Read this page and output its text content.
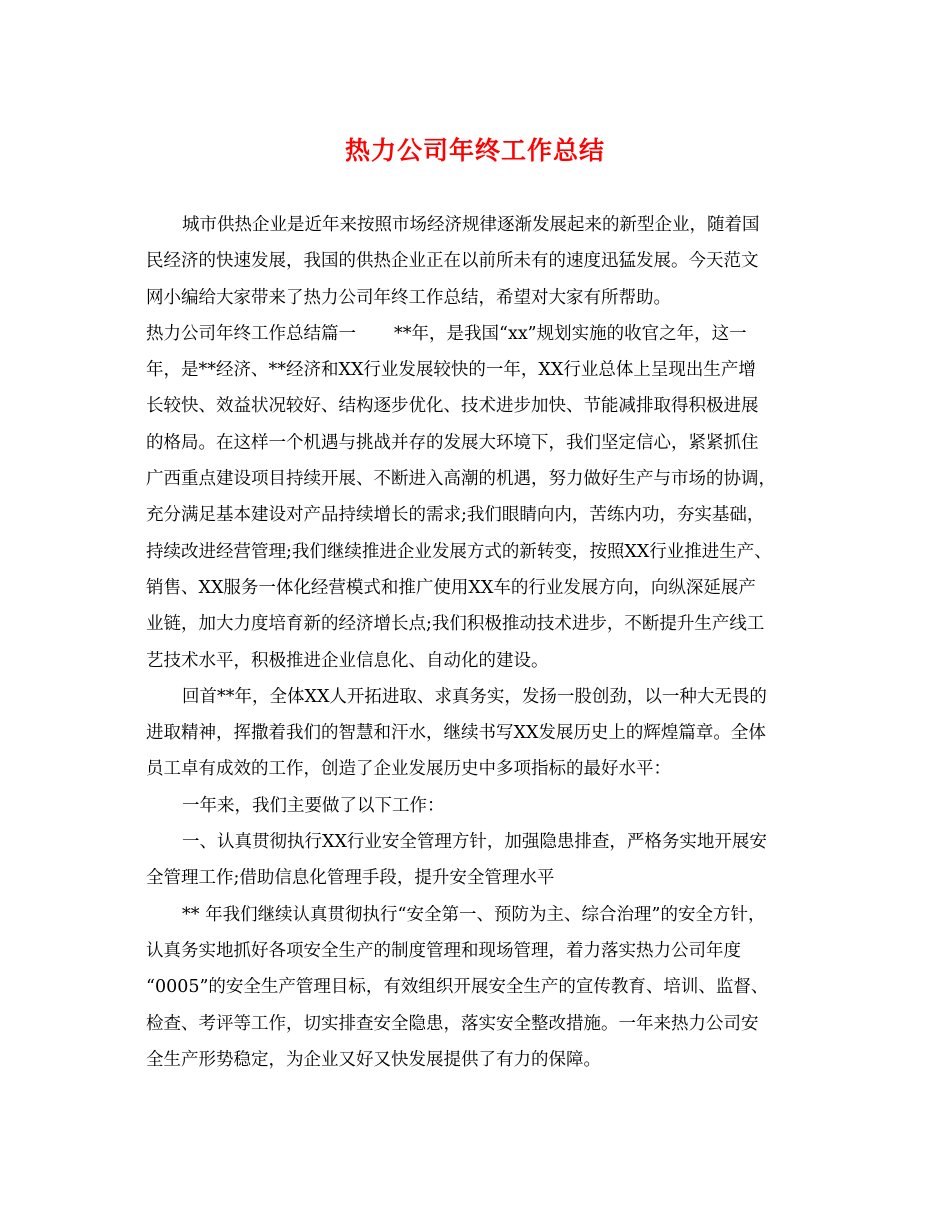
热力公司年终工作总结
城市供热企业是近年来按照市场经济规律逐渐发展起来的新型企业，随着国
民经济的快速发展，我国的供热企业正在以前所未有的速度迅猛发展。今天范文
网小编给大家带来了热力公司年终工作总结，希望对大家有所帮助。
热力公司年终工作总结篇一 **年，是我国“xx”规划实施的收官之年，这一
年，是**经济、**经济和XX行业发展较快的一年，XX行业总体上呈现出生产增
长较快、效益状况较好、结构逐步优化、技术进步加快、节能减排取得积极进展
的格局。在这样一个机遇与挑战并存的发展大环境下，我们坚定信心，紧紧抓住
广西重点建设项目持续开展、不断进入高潮的机遇，努力做好生产与市场的协调，
充分满足基本建设对产品持续增长的需求;我们眼睛向内，苦练内功，夯实基础，
持续改进经营管理;我们继续推进企业发展方式的新转变，按照XX行业推进生产、
销售、XX服务一体化经营模式和推广使用XX车的行业发展方向，向纵深延展产
业链，加大力度培育新的经济增长点;我们积极推动技术进步，不断提升生产线工
艺技术水平，积极推进企业信息化、自动化的建设。
回首**年，全体XX人开拓进取、求真务实，发扬一股创劲，以一种大无畏的
进取精神，挥撒着我们的智慧和汗水，继续书写XX发展历史上的辉煌篇章。全体
员工卓有成效的工作，创造了企业发展历史中多项指标的最好水平：
一年来，我们主要做了以下工作：
一、认真贯彻执行XX行业安全管理方针，加强隐患排查，严格务实地开展安
全管理工作;借助信息化管理手段，提升安全管理水平
** 年我们继续认真贯彻执行“安全第一、预防为主、综合治理”的安全方针，
认真务实地抓好各项安全生产的制度管理和现场管理，着力落实热力公司年度
“0005”的安全生产管理目标，有效组织开展安全生产的宣传教育、培训、监督、
检查、考评等工作，切实排查安全隐患，落实安全整改措施。一年来热力公司安
全生产形势稳定，为企业又好又快发展提供了有力的保障。
